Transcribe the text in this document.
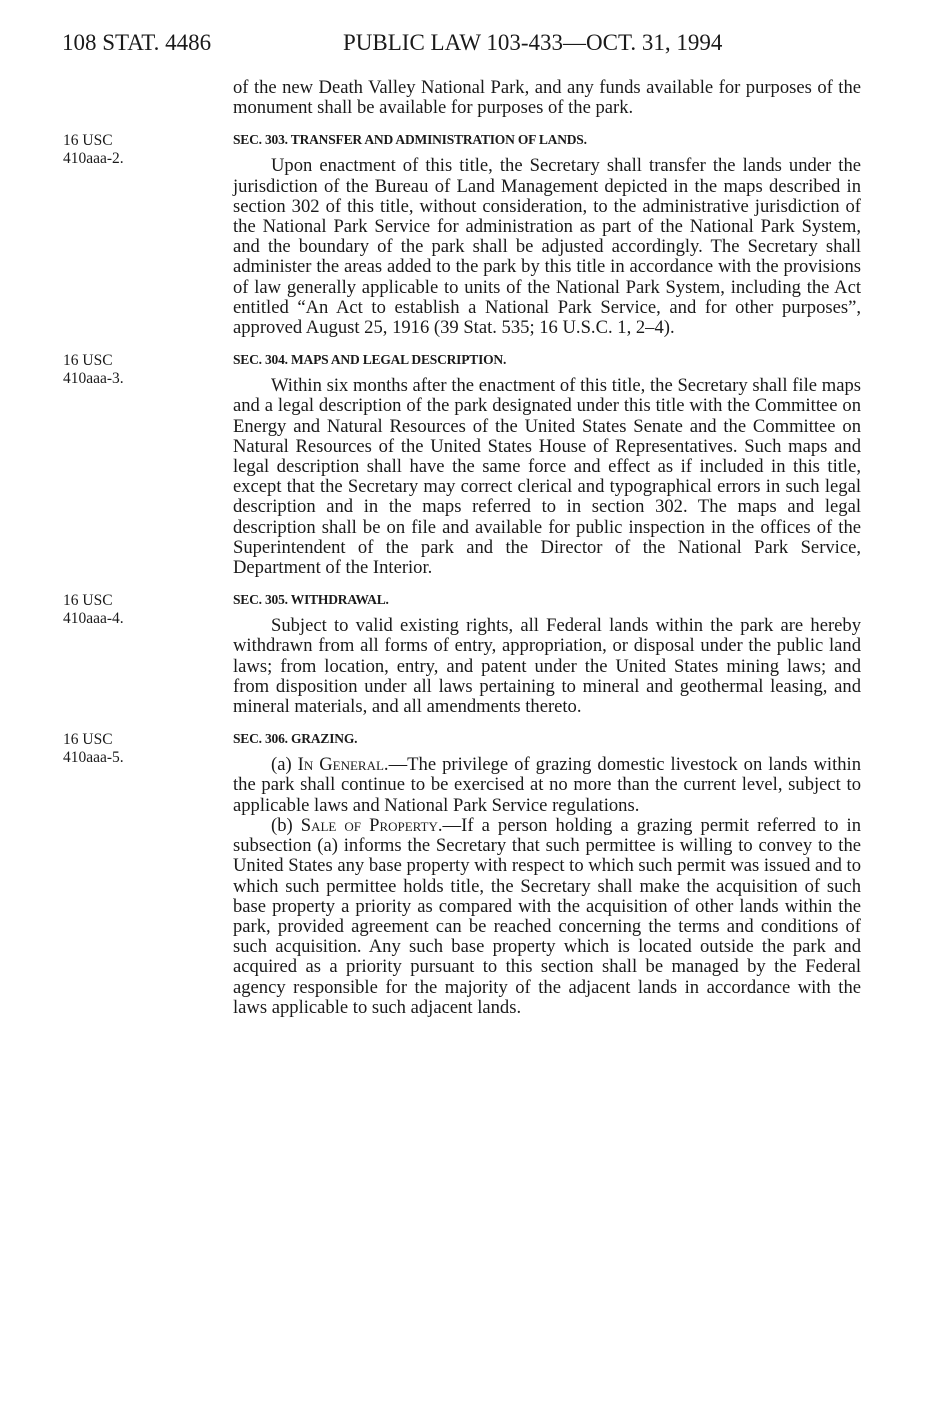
108 STAT. 4486	PUBLIC LAW 103-433—OCT. 31, 1994

of the new Death Valley National Park, and any funds available for purposes of the monument shall be available for purposes of the park.

16 USC
410aaa-2.
SEC. 303. TRANSFER AND ADMINISTRATION OF LANDS.

Upon enactment of this title, the Secretary shall transfer the lands under the jurisdiction of the Bureau of Land Management depicted in the maps described in section 302 of this title, without consideration, to the administrative jurisdiction of the National Park Service for administration as part of the National Park System, and the boundary of the park shall be adjusted accordingly. The Secretary shall administer the areas added to the park by this title in accordance with the provisions of law generally applicable to units of the National Park System, including the Act entitled “An Act to establish a National Park Service, and for other purposes”, approved August 25, 1916 (39 Stat. 535; 16 U.S.C. 1, 2–4).

16 USC
410aaa-3.
SEC. 304. MAPS AND LEGAL DESCRIPTION.

Within six months after the enactment of this title, the Secretary shall file maps and a legal description of the park designated under this title with the Committee on Energy and Natural Resources of the United States Senate and the Committee on Natural Resources of the United States House of Representatives. Such maps and legal description shall have the same force and effect as if included in this title, except that the Secretary may correct clerical and typographical errors in such legal description and in the maps referred to in section 302. The maps and legal description shall be on file and available for public inspection in the offices of the Superintendent of the park and the Director of the National Park Service, Department of the Interior.

16 USC
410aaa-4.
SEC. 305. WITHDRAWAL.

Subject to valid existing rights, all Federal lands within the park are hereby withdrawn from all forms of entry, appropriation, or disposal under the public land laws; from location, entry, and patent under the United States mining laws; and from disposition under all laws pertaining to mineral and geothermal leasing, and mineral materials, and all amendments thereto.

16 USC
410aaa-5.
SEC. 306. GRAZING.

(a) In General.—The privilege of grazing domestic livestock on lands within the park shall continue to be exercised at no more than the current level, subject to applicable laws and National Park Service regulations.

(b) Sale of Property.—If a person holding a grazing permit referred to in subsection (a) informs the Secretary that such permittee is willing to convey to the United States any base property with respect to which such permit was issued and to which such permittee holds title, the Secretary shall make the acquisition of such base property a priority as compared with the acquisition of other lands within the park, provided agreement can be reached concerning the terms and conditions of such acquisition. Any such base property which is located outside the park and acquired as a priority pursuant to this section shall be managed by the Federal agency responsible for the majority of the adjacent lands in accordance with the laws applicable to such adjacent lands.
